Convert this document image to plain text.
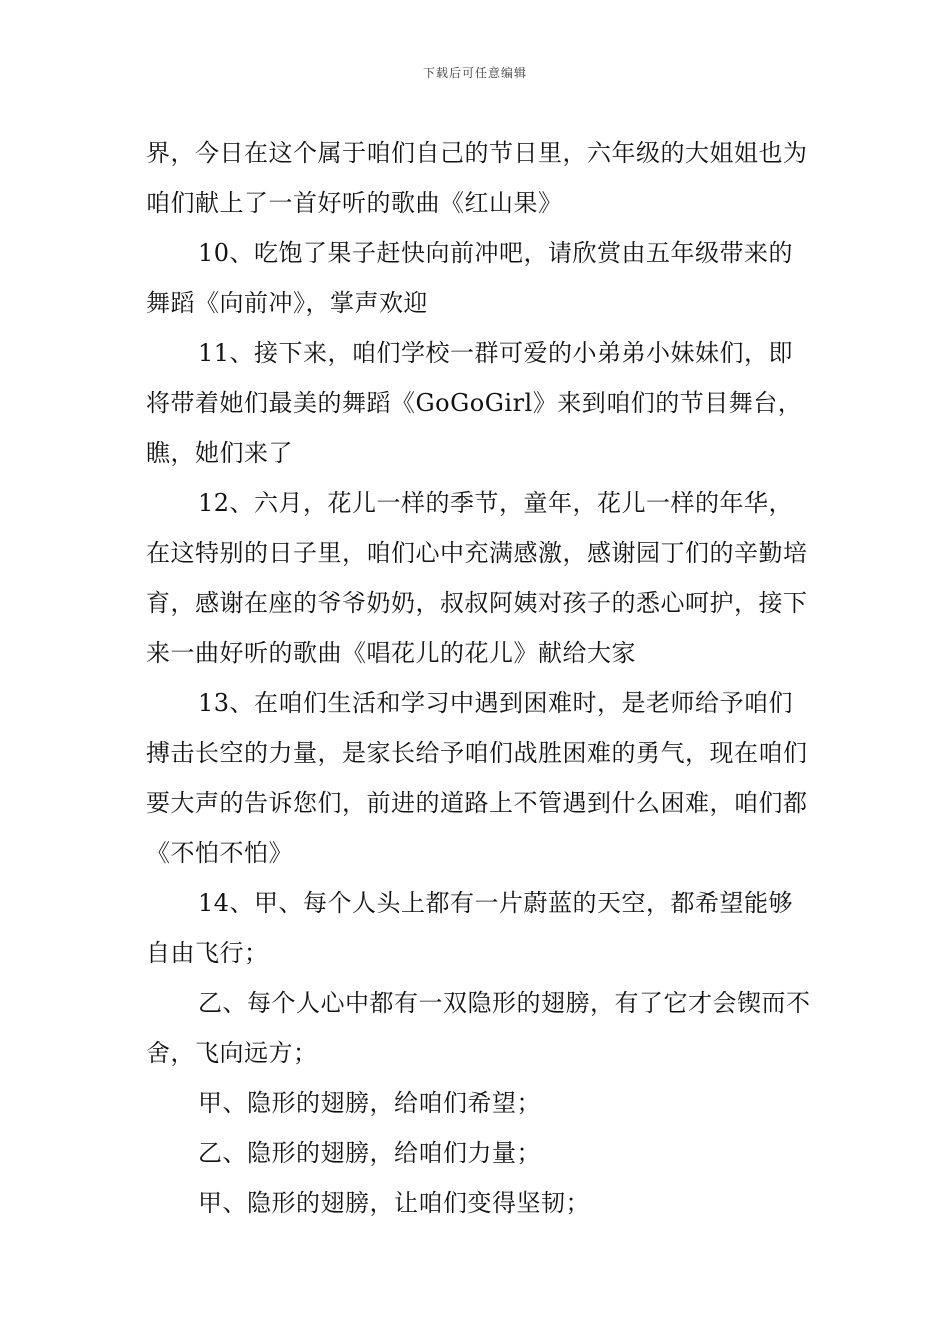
下载后可任意编辑

界，今日在这个属于咱们自己的节日里，六年级的大姐姐也为咱们献上了一首好听的歌曲《红山果》

10、吃饱了果子赶快向前冲吧，请欣赏由五年级带来的舞蹈《向前冲》，掌声欢迎

11、接下来，咱们学校一群可爱的小弟弟小妹妹们，即将带着她们最美的舞蹈《GoGoGirl》来到咱们的节目舞台，瞧，她们来了

12、六月，花儿一样的季节，童年，花儿一样的年华，在这特别的日子里，咱们心中充满感激，感谢园丁们的辛勤培育，感谢在座的爷爷奶奶，叔叔阿姨对孩子的悉心呵护，接下来一曲好听的歌曲《唱花儿的花儿》献给大家

13、在咱们生活和学习中遇到困难时，是老师给予咱们搏击长空的力量，是家长给予咱们战胜困难的勇气，现在咱们要大声的告诉您们，前进的道路上不管遇到什么困难，咱们都《不怕不怕》

14、甲、每个人头上都有一片蔚蓝的天空，都希望能够自由飞行；

乙、每个人心中都有一双隐形的翅膀，有了它才会锲而不舍，飞向远方；

甲、隐形的翅膀，给咱们希望；

乙、隐形的翅膀，给咱们力量；

甲、隐形的翅膀，让咱们变得坚韧；
